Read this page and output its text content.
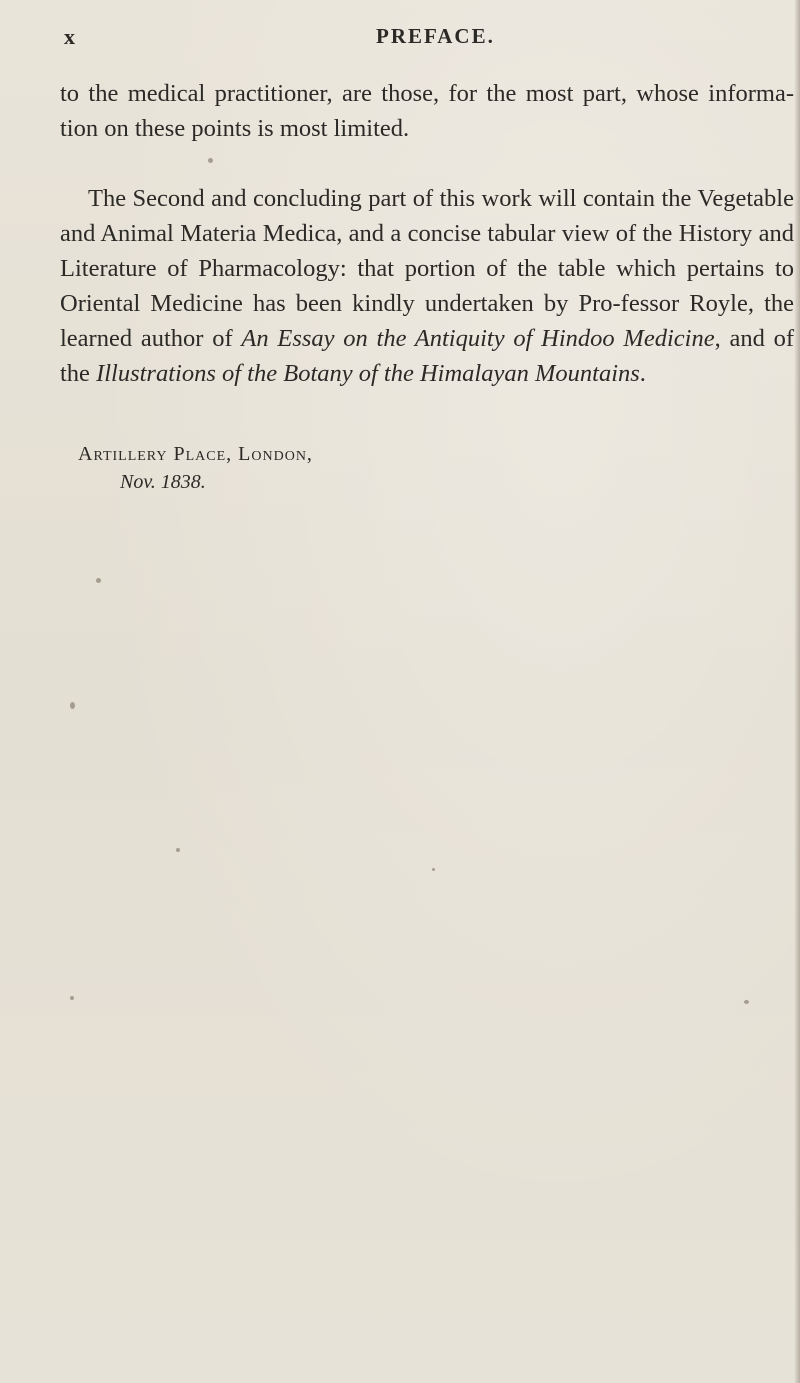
x	PREFACE.

to the medical practitioner, are those, for the most part, whose informa-tion on these points is most limited.

The Second and concluding part of this work will contain the Vegetable and Animal Materia Medica, and a concise tabular view of the History and Literature of Pharmacology: that portion of the table which pertains to Oriental Medicine has been kindly undertaken by Pro-fessor Royle, the learned author of An Essay on the Antiquity of Hindoo Medicine, and of the Illustrations of the Botany of the Himalayan Mountains.

Artillery Place, London,
Nov. 1838.
